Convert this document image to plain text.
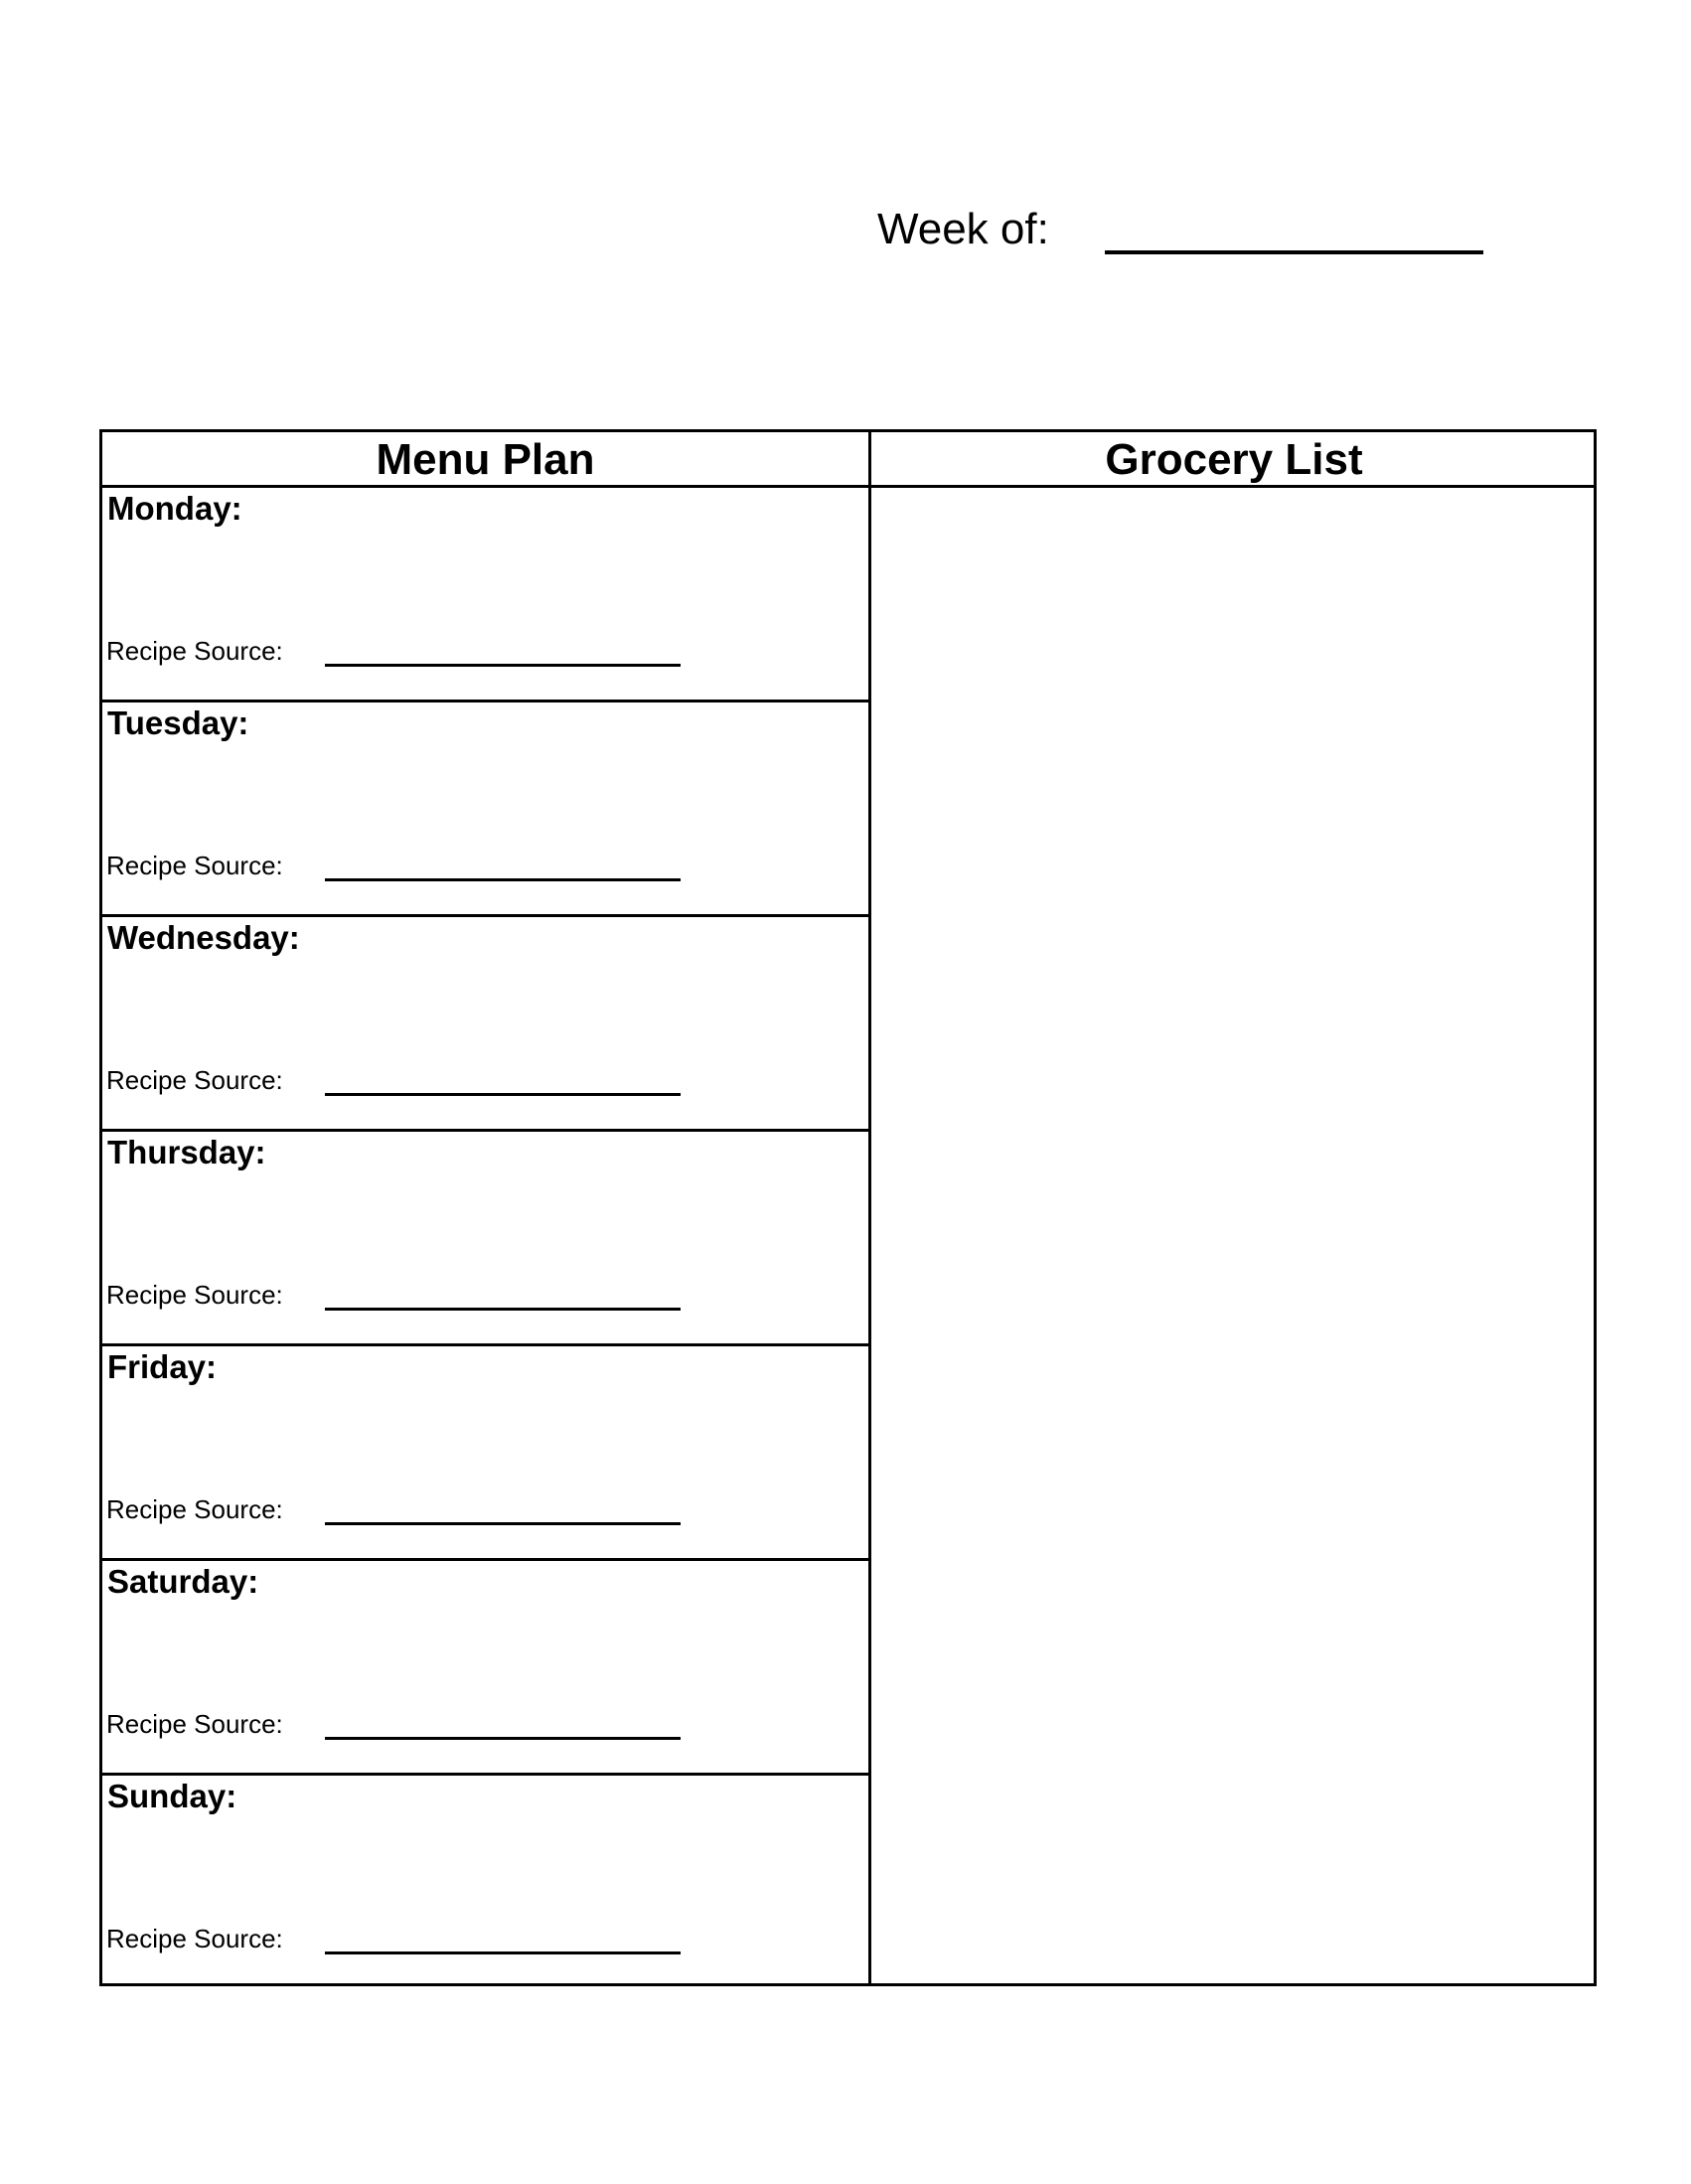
Week of:
Menu Plan	Grocery List
Monday:
Recipe Source:
Tuesday:
Recipe Source:
Wednesday:
Recipe Source:
Thursday:
Recipe Source:
Friday:
Recipe Source:
Saturday:
Recipe Source:
Sunday:
Recipe Source:
